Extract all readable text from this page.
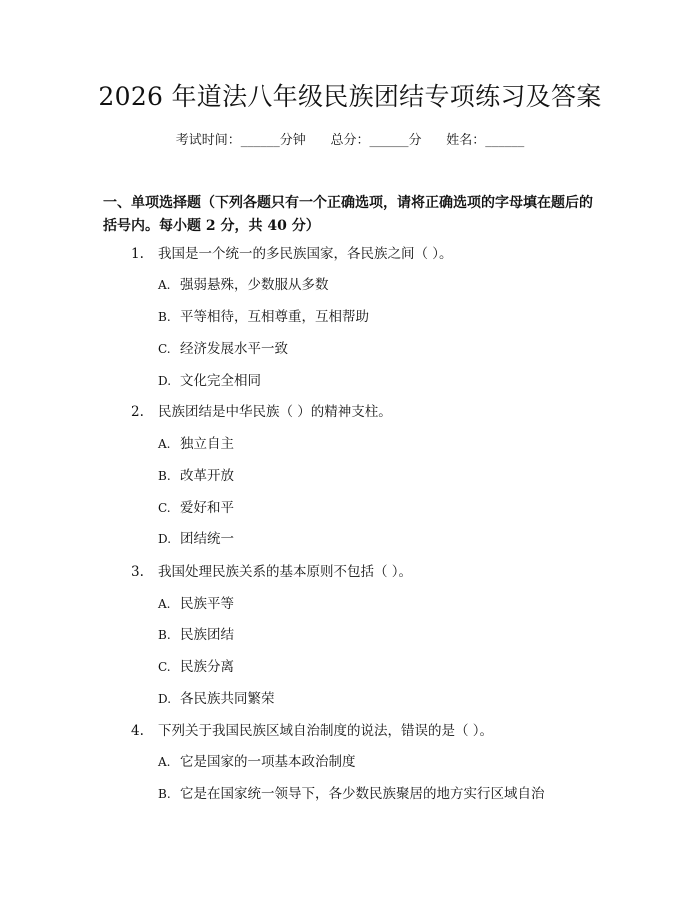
2026 年道法八年级民族团结专项练习及答案
考试时间：______分钟      总分：______分      姓名：______
一、单项选择题（下列各题只有一个正确选项，请将正确选项的字母填在题后的括号内。每小题 2 分，共 40 分）
1. 我国是一个统一的多民族国家，各民族之间（ ）。
A. 强弱悬殊，少数服从多数
B. 平等相待，互相尊重，互相帮助
C. 经济发展水平一致
D. 文化完全相同
2. 民族团结是中华民族（ ）的精神支柱。
A. 独立自主
B. 改革开放
C. 爱好和平
D. 团结统一
3. 我国处理民族关系的基本原则不包括（ ）。
A. 民族平等
B. 民族团结
C. 民族分离
D. 各民族共同繁荣
4. 下列关于我国民族区域自治制度的说法，错误的是（ ）。
A. 它是国家的一项基本政治制度
B. 它是在国家统一领导下，各少数民族聚居的地方实行区域自治
